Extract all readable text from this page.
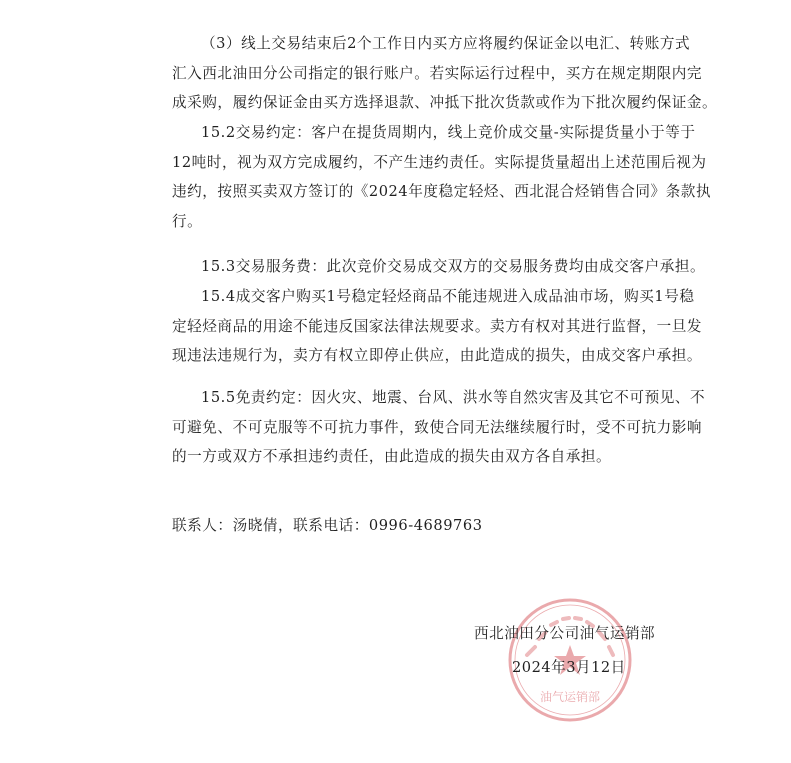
（3）线上交易结束后2个工作日内买方应将履约保证金以电汇、转账方式
汇入西北油田分公司指定的银行账户。若实际运行过程中，买方在规定期限内完
成采购，履约保证金由买方选择退款、冲抵下批次货款或作为下批次履约保证金。

15.2交易约定：客户在提货周期内，线上竞价成交量-实际提货量小于等于
12吨时，视为双方完成履约，不产生违约责任。实际提货量超出上述范围后视为
违约，按照买卖双方签订的《2024年度稳定轻烃、西北混合烃销售合同》条款执
行。

15.3交易服务费：此次竞价交易成交双方的交易服务费均由成交客户承担。

15.4成交客户购买1号稳定轻烃商品不能违规进入成品油市场，购买1号稳
定轻烃商品的用途不能违反国家法律法规要求。卖方有权对其进行监督，一旦发
现违法违规行为，卖方有权立即停止供应，由此造成的损失，由成交客户承担。

15.5免责约定：因火灾、地震、台风、洪水等自然灾害及其它不可预见、不
可避免、不可克服等不可抗力事件，致使合同无法继续履行时，受不可抗力影响
的一方或双方不承担违约责任，由此造成的损失由双方各自承担。

联系人：汤晓倩，联系电话：0996-4689763
油气运销部
西北油田分公司油气运销部
2024年3月12日
